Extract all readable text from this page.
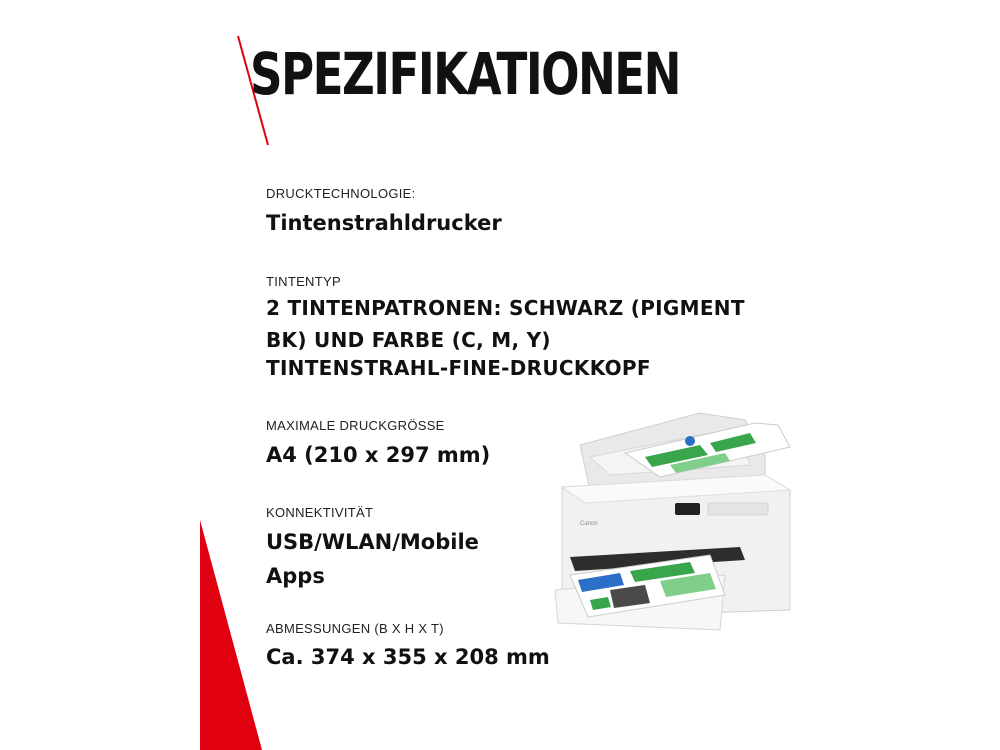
SPEZIFIKATIONEN
DRUCKTECHNOLOGIE:
Tintenstrahldrucker
TINTENTYP
2 TINTENPATRONEN: SCHWARZ (PIGMENT
BK) UND FARBE (C, M, Y)
TINTENSTRAHL-FINE-DRUCKKOPF
MAXIMALE DRUCKGRÖSSE
A4 (210 x 297 mm)
KONNEKTIVITÄT
USB/WLAN/Mobile
Apps
ABMESSUNGEN (B X H X T)
Ca. 374 x 355 x 208 mm
Canon
